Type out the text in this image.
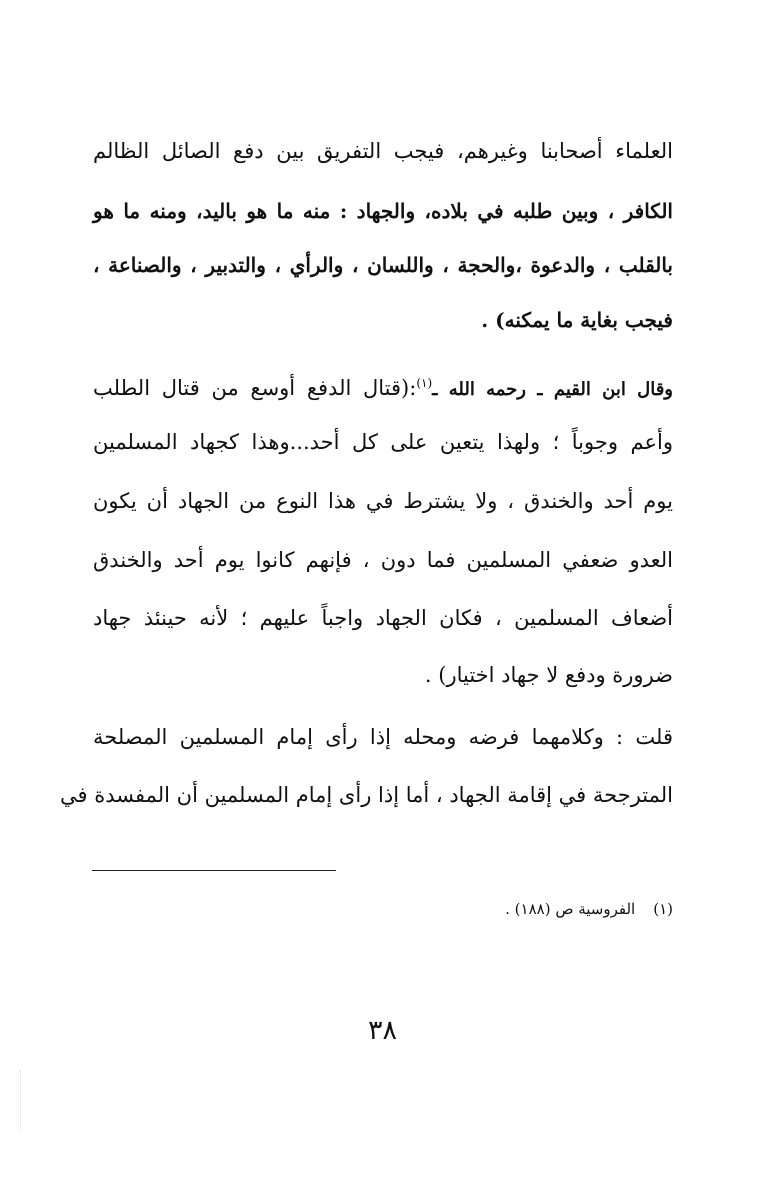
العلماء أصحابنا وغيرهم، فيجب التفريق بين دفع الصائل الظالم
الكافر ، وبين طلبه في بلاده، والجهاد : منه ما هو باليد، ومنه ما هو
بالقلب ، والدعوة ،والحجة ، واللسان ، والرأي ، والتدبير ، والصناعة ،
فيجب بغاية ما يمكنه) .
وقال ابن القيم ـ رحمه الله ـ$^{(١)}$:(قتال الدفع أوسع من قتال الطلب
وأعم وجوباً ؛ ولهذا يتعين على كل أحد...وهذا كجهاد المسلمين
يوم أحد والخندق ، ولا يشترط في هذا النوع من الجهاد أن يكون
العدو ضعفي المسلمين فما دون ، فإنهم كانوا يوم أحد والخندق
أضعاف المسلمين ، فكان الجهاد واجباً عليهم ؛ لأنه حينئذ جهاد
ضرورة ودفع لا جهاد اختيار) .
قلت : وكلامهما فرضه ومحله إذا رأى إمام المسلمين المصلحة
المترجحة في إقامة الجهاد ، أما إذا رأى إمام المسلمين أن المفسدة في
(١)الفروسية ص (١٨٨) .
٣٨
